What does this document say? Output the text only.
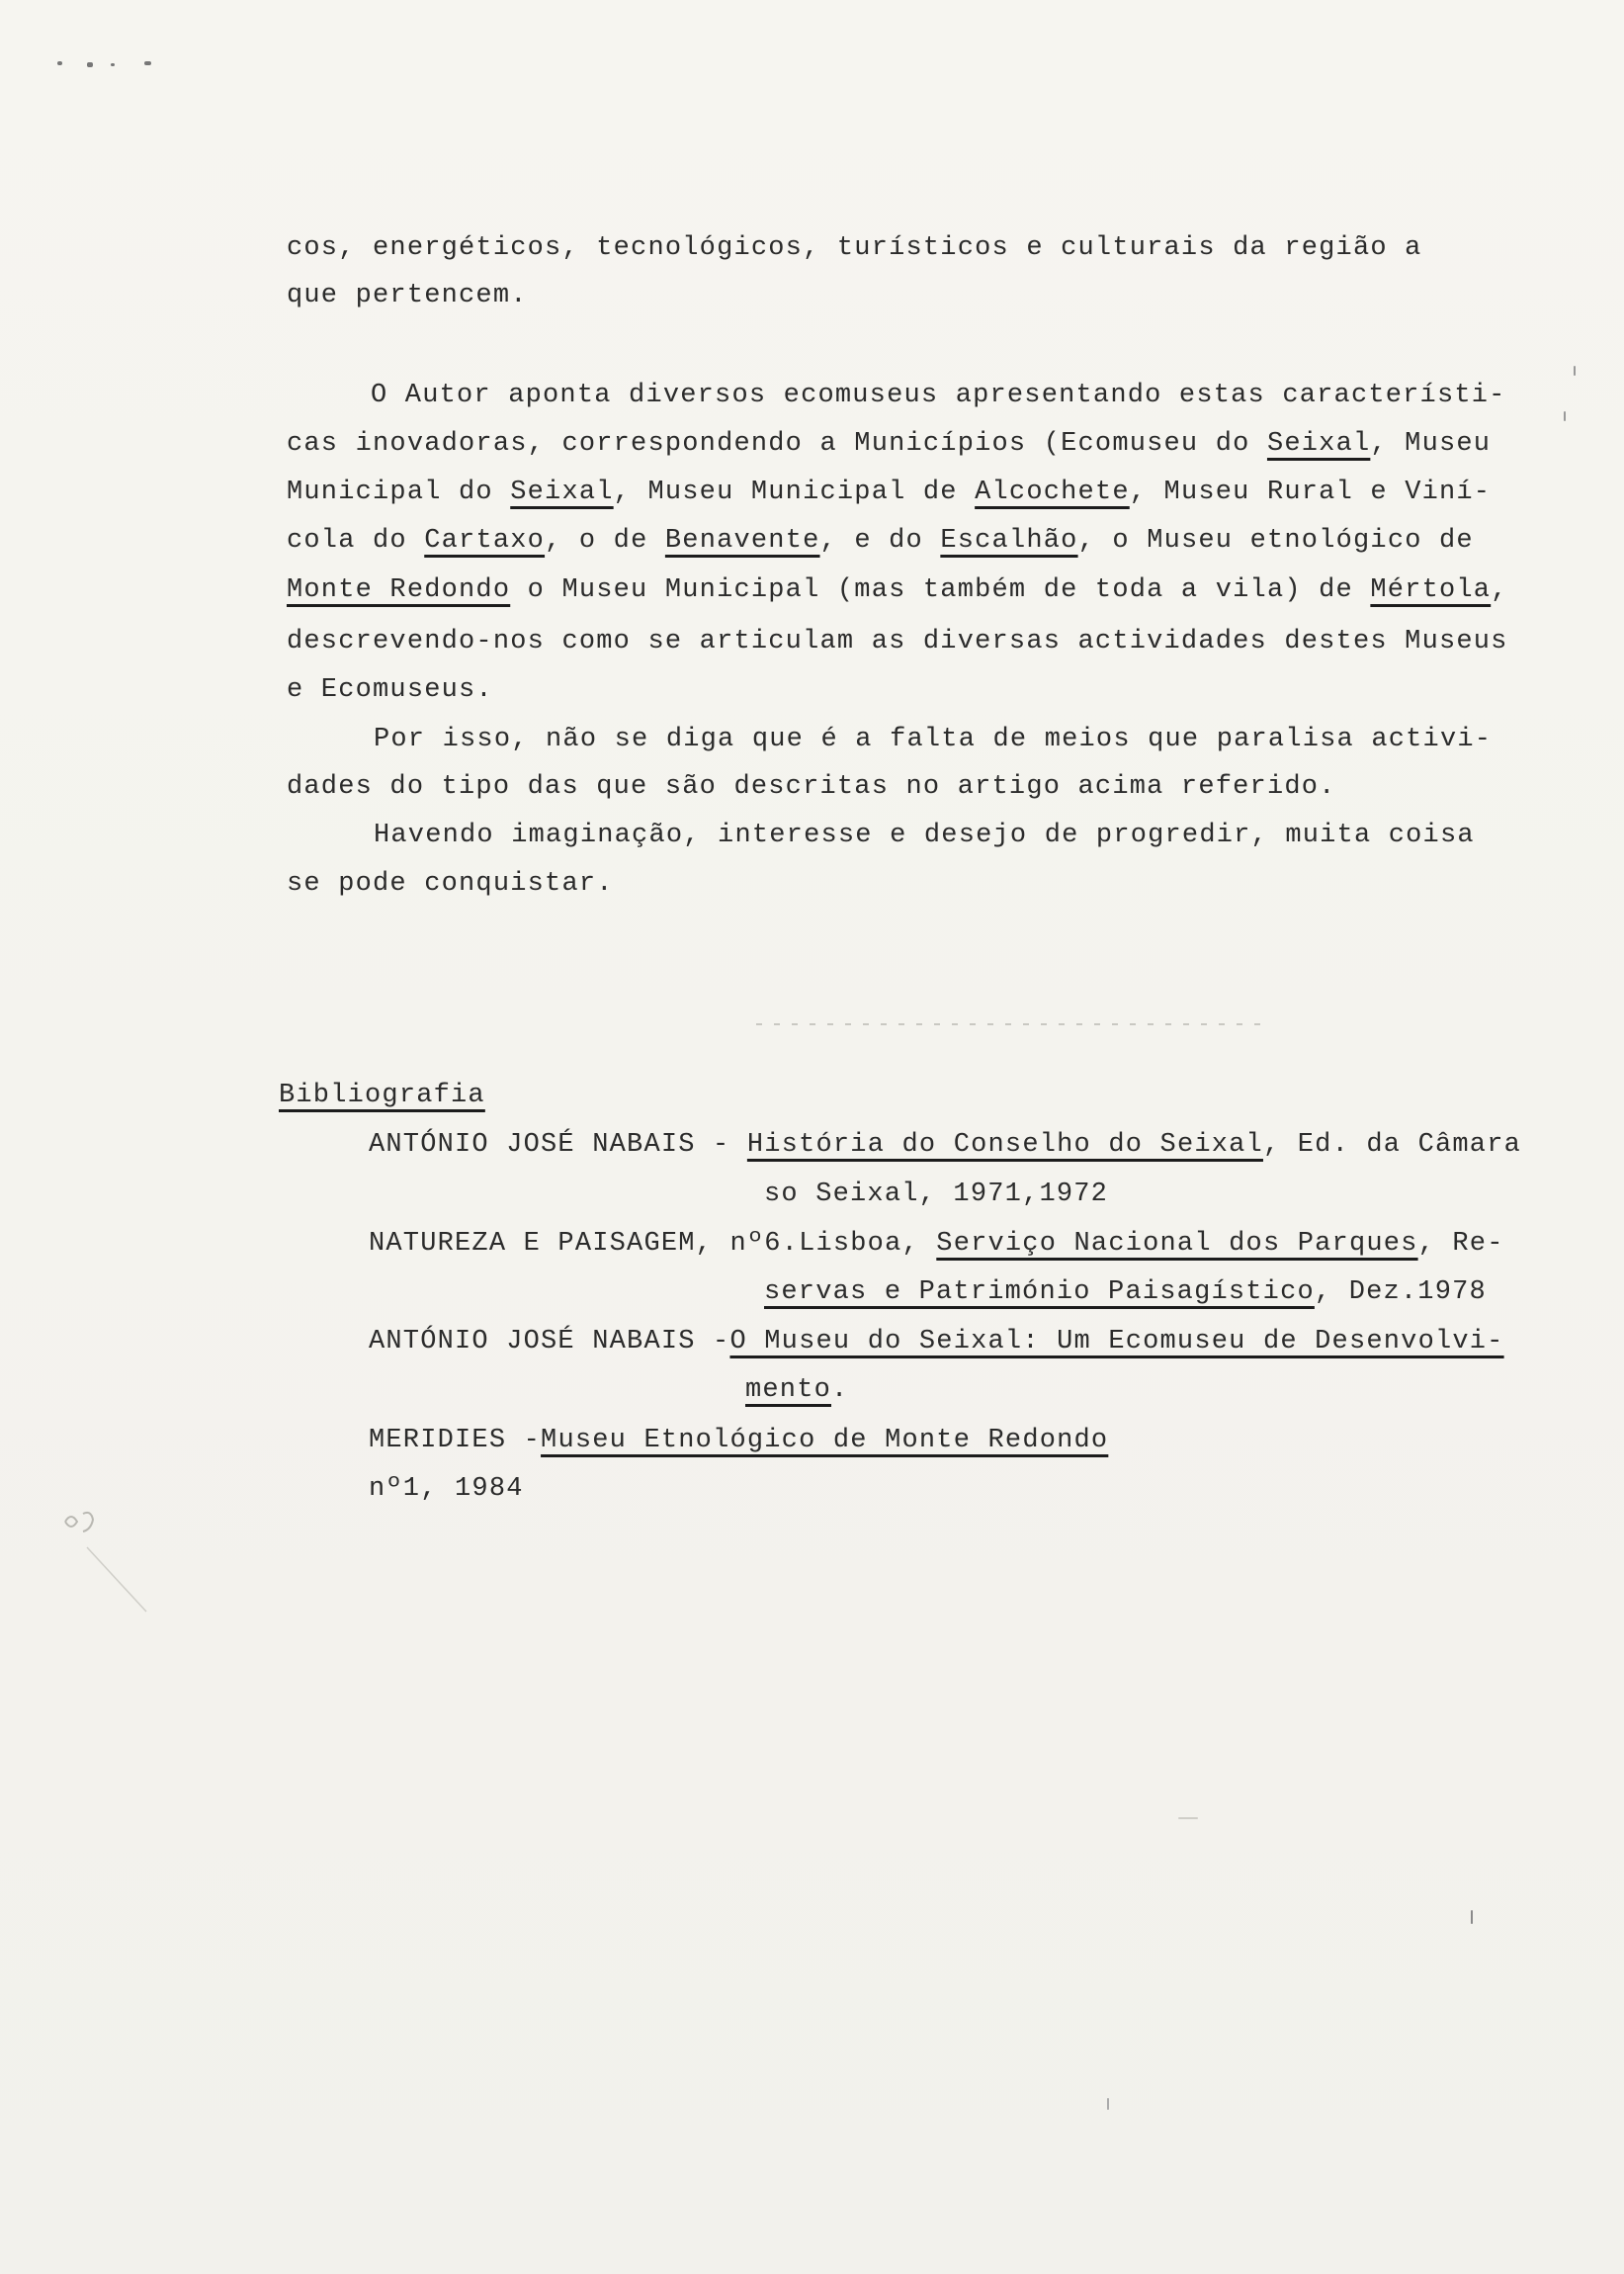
cos, energéticos, tecnológicos, turísticos e culturais da região a
que pertencem.
O Autor aponta diversos ecomuseus apresentando estas característi-
cas inovadoras, correspondendo a Municípios (Ecomuseu do Seixal, Museu
Municipal do Seixal, Museu Municipal de Alcochete, Museu Rural e Viní-
cola do Cartaxo, o de Benavente, e do Escalhão, o Museu etnológico de
Monte Redondo o Museu Municipal (mas também de toda a vila) de Mértola,
descrevendo-nos como se articulam as diversas actividades destes Museus
e Ecomuseus.
Por isso, não se diga que é a falta de meios que paralisa activi-
dades do tipo das que são descritas no artigo acima referido.
Havendo imaginação, interesse e desejo de progredir, muita coisa
se pode conquistar.
Bibliografia
ANTÓNIO JOSÉ NABAIS - História do Conselho do Seixal, Ed. da Câmara
so Seixal, 1971,1972
NATUREZA E PAISAGEM, nº6.Lisboa, Serviço Nacional dos Parques, Re-
servas e Património Paisagístico, Dez.1978
ANTÓNIO JOSÉ NABAIS -O Museu do Seixal: Um Ecomuseu de Desenvolvi-
mento.
MERIDIES -Museu Etnológico de Monte Redondo
nº1, 1984
